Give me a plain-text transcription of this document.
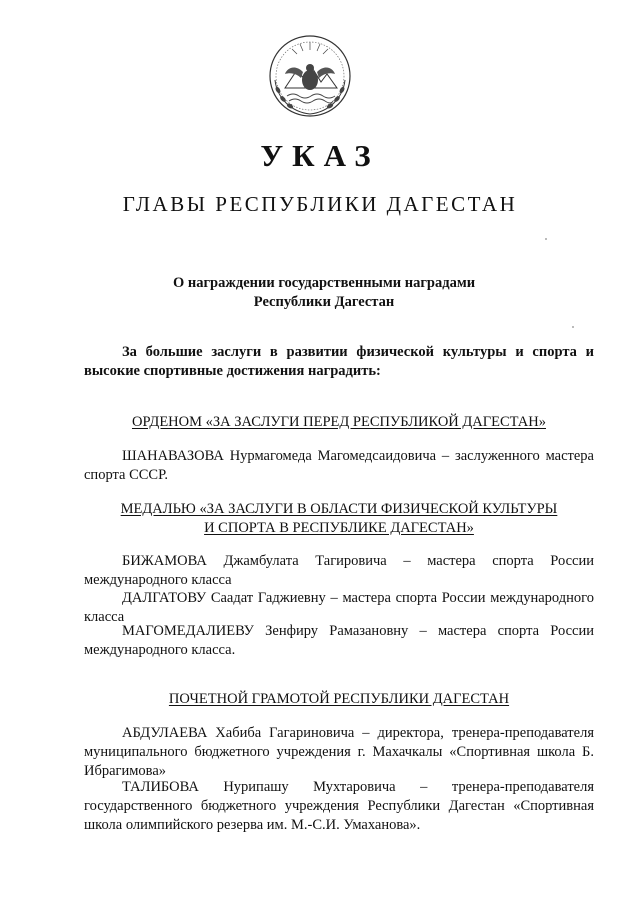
УКАЗ
ГЛАВЫ РЕСПУБЛИКИ ДАГЕСТАН
О награждении государственными наградами
Республики Дагестан
За большие заслуги в развитии физической культуры и спорта и высокие спортивные достижения наградить:
ОРДЕНОМ «ЗА ЗАСЛУГИ ПЕРЕД РЕСПУБЛИКОЙ ДАГЕСТАН»
ШАНАВАЗОВА Нурмагомеда Магомедсаидовича – заслуженного мастера спорта СССР.
МЕДАЛЬЮ «ЗА ЗАСЛУГИ В ОБЛАСТИ ФИЗИЧЕСКОЙ КУЛЬТУРЫ
И СПОРТА В РЕСПУБЛИКЕ ДАГЕСТАН»
БИЖАМОВА Джамбулата Тагировича – мастера спорта России международного класса
ДАЛГАТОВУ Саадат Гаджиевну – мастера спорта России международного класса
МАГОМЕДАЛИЕВУ Зенфиру Рамазановну – мастера спорта России международного класса.
ПОЧЕТНОЙ ГРАМОТОЙ РЕСПУБЛИКИ ДАГЕСТАН
АБДУЛАЕВА Хабиба Гагариновича – директора, тренера-преподавателя муниципального бюджетного учреждения г. Махачкалы «Спортивная школа Б. Ибрагимова»
ТАЛИБОВА Нурипашу Мухтаровича – тренера-преподавателя государственного бюджетного учреждения Республики Дагестан «Спортивная школа олимпийского резерва им. М.-С.И. Умаханова».
